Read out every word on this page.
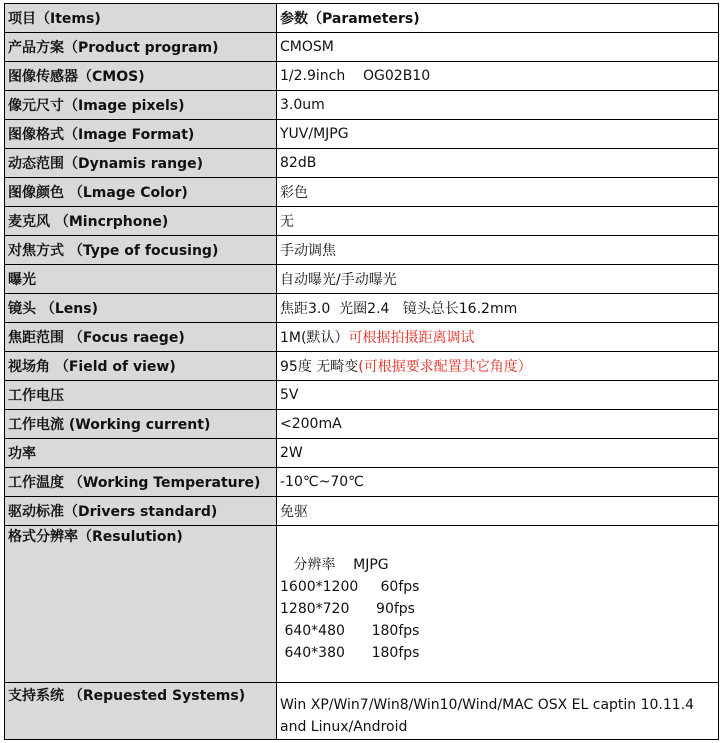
项目（Items)	参数（Parameters)
产品方案（Product program)	CMOSM
图像传感器（CMOS)	1/2.9inch    OG02B10
像元尺寸（Image pixels)	3.0um
图像格式（Image Format)	YUV/MJPG
动态范围（Dynamis range)	82dB
图像颜色 （Lmage Color)	彩色
麦克风 （Mincrphone)	无
对焦方式 （Type of focusing)	手动调焦
曝光	自动曝光/手动曝光
镜头 （Lens)	焦距3.0  光圈2.4   镜头总长16.2mm
焦距范围 （Focus raege)	1M(默认）可根据拍摄距离调试
视场角 （Field of view)	95度 无畸变(可根据要求配置其它角度）
工作电压	5V
工作电流 (Working current)	<200mA
功率	2W
工作温度 （Working Temperature)	-10℃~70℃
驱动标准（Drivers standard)	免驱
格式分辨率（Resulution)	分辨率    MJPG
1600*1200     60fps
1280*720      90fps
640*480      180fps
640*380      180fps

支持系统 （Repuested Systems)	Win XP/Win7/Win8/Win10/Wind/MAC OSX EL captin 10.11.4 and Linux/Android
